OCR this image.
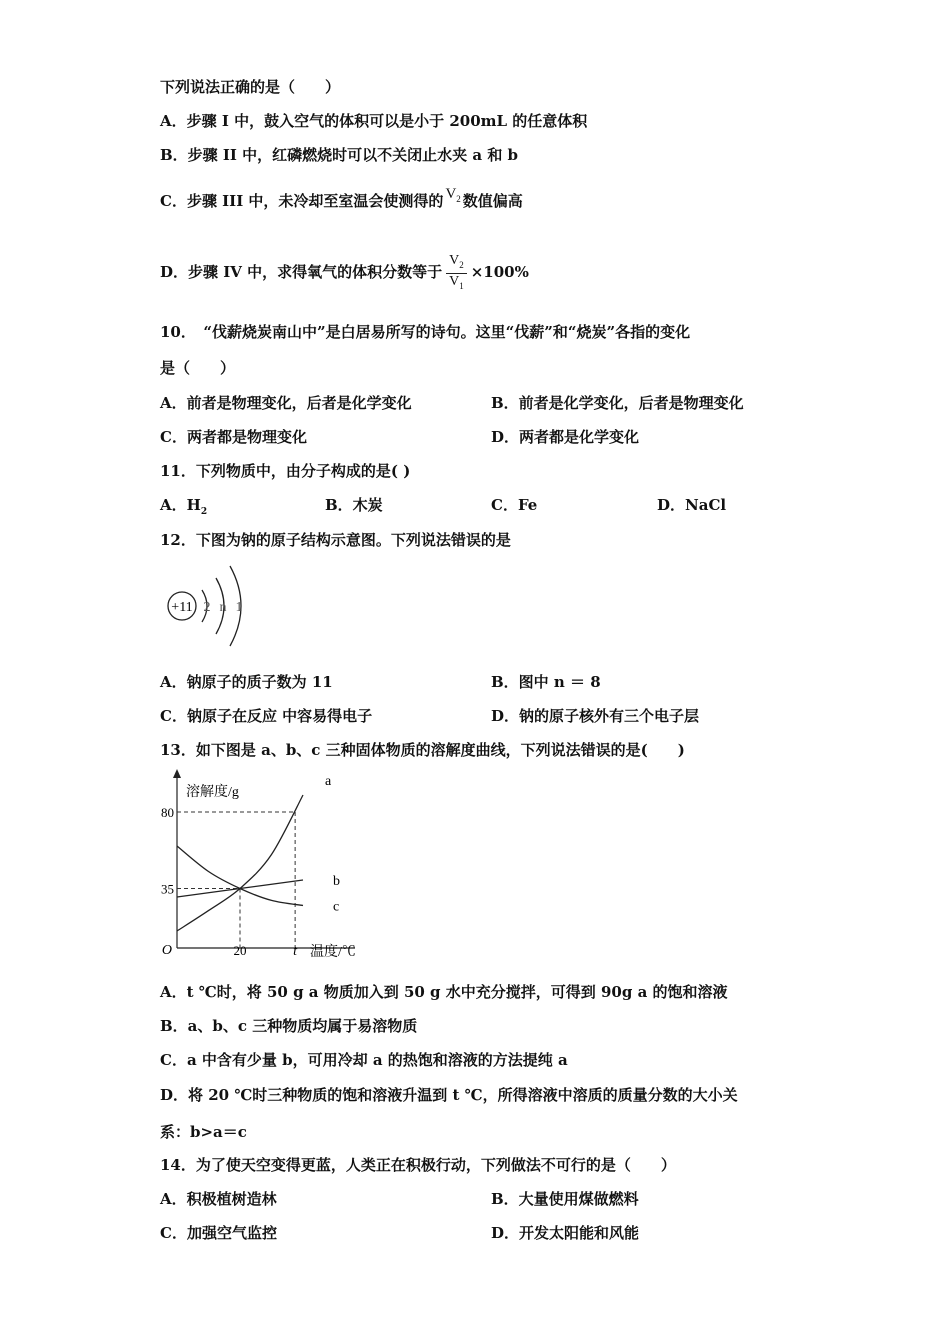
下列说法正确的是（　　）
A．步骤 I 中，鼓入空气的体积可以是小于 200mL 的任意体积
B．步骤 II 中，红磷燃烧时可以不关闭止水夹 a 和 b
C．步骤 III 中，未冷却至室温会使测得的 $V_2$ 数值偏高
D．步骤 IV 中，求得氧气的体积分数等于 $\frac{V_2}{V_1} \times 100\%$
10．　“伐薪烧炭南山中”是白居易所写的诗句。这里“伐薪”和“烧炭”各指的变化
是（　　）
A．前者是物理变化，后者是化学变化	B．前者是化学变化，后者是物理变化
C．两者都是物理变化	D．两者都是化学变化
11．下列物质中，由分子构成的是( )
A．$H_2$	B．木炭	C．Fe	D．NaCl
12．下图为钠的原子结构示意图。下列说法错误的是
+11 2 n 1
A．钠原子的质子数为 11	B．图中 n ＝ 8
C．钠原子在反应 中容易得电子	D．钠的原子核外有三个电子层
13．如下图是 a、b、c 三种固体物质的溶解度曲线，下列说法错误的是(　　)
溶解度/g
温度/℃
O
a
b
c
80
35
20	t
A．t ℃时，将 50 g a 物质加入到 50 g 水中充分搅拌，可得到 90g a 的饱和溶液
B．a、b、c 三种物质均属于易溶物质
C．a 中含有少量 b，可用冷却 a 的热饱和溶液的方法提纯 a
D．将 20 ℃时三种物质的饱和溶液升温到 t ℃，所得溶液中溶质的质量分数的大小关
系：b>a＝c
14．为了使天空变得更蓝，人类正在积极行动，下列做法不可行的是（　　）
A．积极植树造林	B．大量使用煤做燃料
C．加强空气监控	D．开发太阳能和风能
